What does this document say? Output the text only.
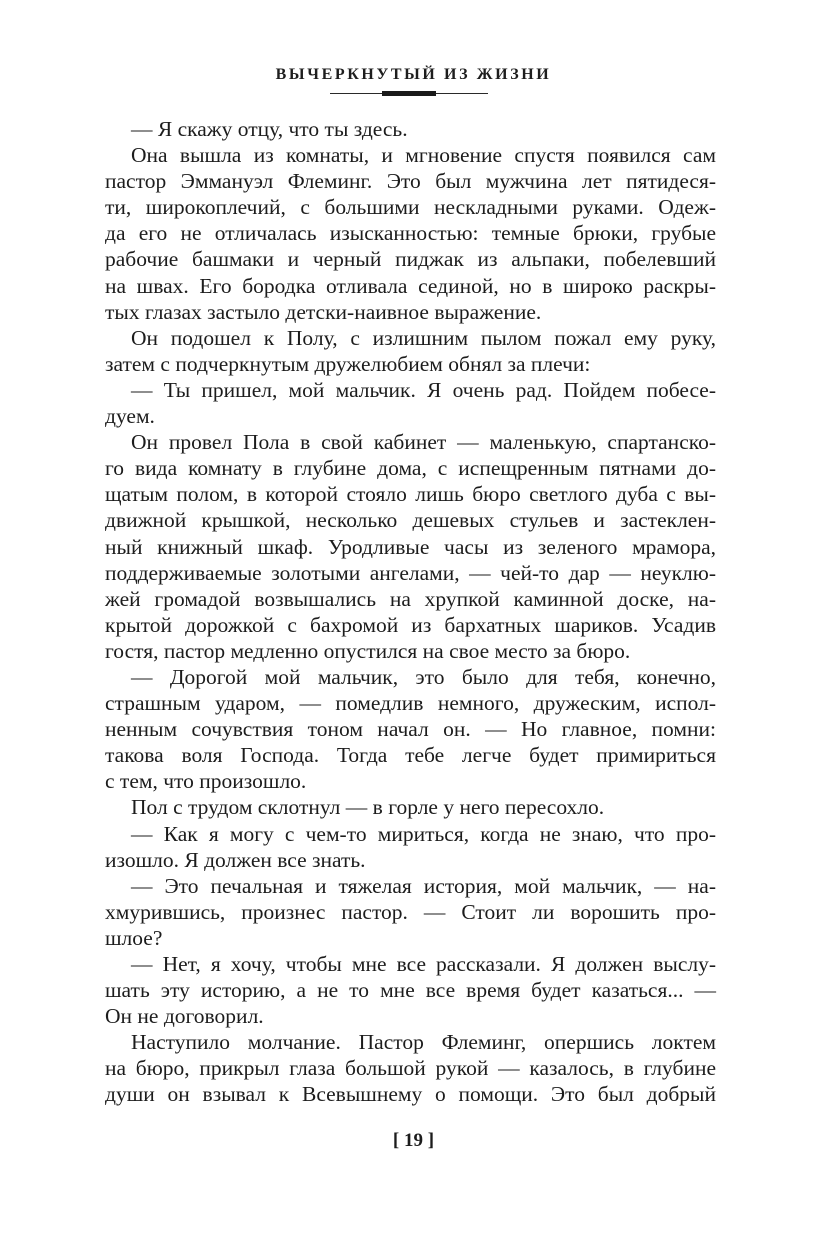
ВЫЧЕРКНУТЫЙ ИЗ ЖИЗНИ
— Я скажу отцу, что ты здесь.
Она вышла из комнаты, и мгновение спустя появился сам
пастор Эммануэл Флеминг. Это был мужчина лет пятидеся-
ти, широкоплечий, с большими нескладными руками. Одеж-
да его не отличалась изысканностью: темные брюки, грубые
рабочие башмаки и черный пиджак из альпаки, побелевший
на швах. Его бородка отливала сединой, но в широко раскры-
тых глазах застыло детски-наивное выражение.
Он подошел к Полу, с излишним пылом пожал ему руку,
затем с подчеркнутым дружелюбием обнял за плечи:
— Ты пришел, мой мальчик. Я очень рад. Пойдем побесе-
дуем.
Он провел Пола в свой кабинет — маленькую, спартанско-
го вида комнату в глубине дома, с испещренным пятнами до-
щатым полом, в которой стояло лишь бюро светлого дуба с вы-
движной крышкой, несколько дешевых стульев и застеклен-
ный книжный шкаф. Уродливые часы из зеленого мрамора,
поддерживаемые золотыми ангелами, — чей-то дар — неуклю-
жей громадой возвышались на хрупкой каминной доске, на-
крытой дорожкой с бахромой из бархатных шариков. Усадив
гостя, пастор медленно опустился на свое место за бюро.
— Дорогой мой мальчик, это было для тебя, конечно,
страшным ударом, — помедлив немного, дружеским, испол-
ненным сочувствия тоном начал он. — Но главное, помни:
такова воля Господа. Тогда тебе легче будет примириться
с тем, что произошло.
Пол с трудом склотнул — в горле у него пересохло.
— Как я могу с чем-то мириться, когда не знаю, что про-
изошло. Я должен все знать.
— Это печальная и тяжелая история, мой мальчик, — на-
хмурившись, произнес пастор. — Стоит ли ворошить про-
шлое?
— Нет, я хочу, чтобы мне все рассказали. Я должен выслу-
шать эту историю, а не то мне все время будет казаться... —
Он не договорил.
Наступило молчание. Пастор Флеминг, опершись локтем
на бюро, прикрыл глаза большой рукой — казалось, в глубине
души он взывал к Всевышнему о помощи. Это был добрый
[ 19 ]
